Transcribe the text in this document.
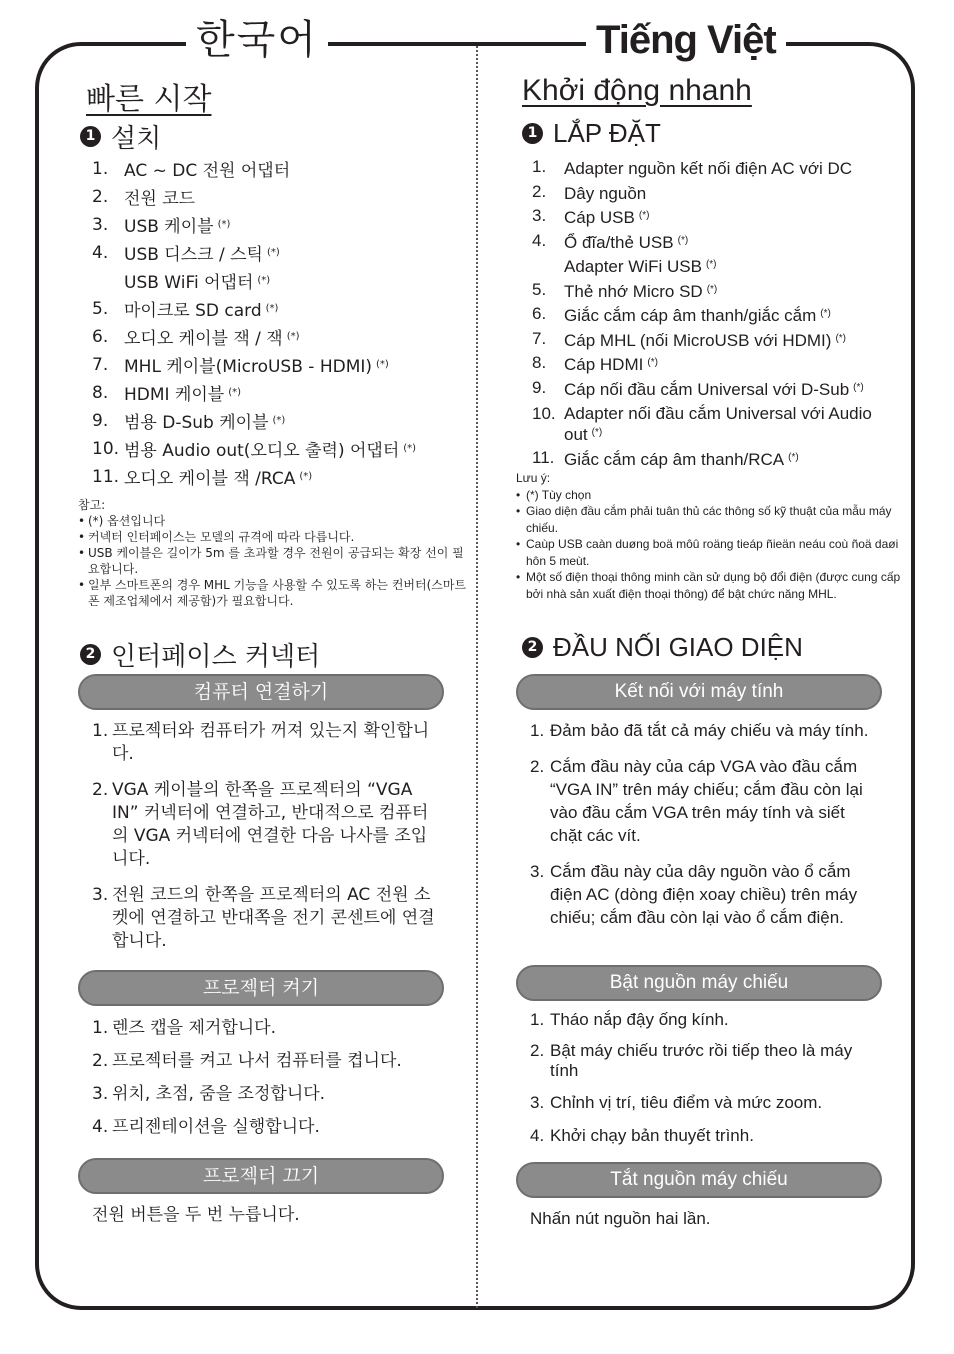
한국어	Tiếng Việt
빠른 시작
1 설치
1. AC ~ DC 전원 어댑터
2. 전원 코드
3. USB 케이블 (*)
4. USB 디스크 / 스틱 (*)
USB WiFi 어댑터 (*)
5. 마이크로 SD card (*)
6. 오디오 케이블 잭 / 잭 (*)
7. MHL 케이블(MicroUSB - HDMI) (*)
8. HDMI 케이블 (*)
9. 범용 D-Sub 케이블 (*)
10. 범용 Audio out(오디오 출력) 어댑터 (*)
11. 오디오 케이블 잭 /RCA (*)
참고:
• (*) 옵션입니다
• 커넥터 인터페이스는 모델의 규격에 따라 다릅니다.
• USB 케이블은 길이가 5m 를 초과할 경우 전원이 공급되는 확장 선이 필요합니다.
• 일부 스마트폰의 경우 MHL 기능을 사용할 수 있도록 하는 컨버터(스마트폰 제조업체에서 제공함)가 필요합니다.
2 인터페이스 커넥터
컴퓨터 연결하기
1. 프로젝터와 컴퓨터가 꺼져 있는지 확인합니다.
2. VGA 케이블의 한쪽을 프로젝터의 “VGA IN” 커넥터에 연결하고, 반대적으로 컴퓨터의 VGA 커넥터에 연결한 다음 나사를 조입니다.
3. 전원 코드의 한쪽을 프로젝터의 AC 전원 소켓에 연결하고 반대쪽을 전기 콘센트에 연결합니다.
프로젝터 켜기
1. 렌즈 캡을 제거합니다.
2. 프로젝터를 켜고 나서 컴퓨터를 켭니다.
3. 위치, 초점, 줌을 조정합니다.
4. 프리젠테이션을 실행합니다.
프로젝터 끄기
전원 버튼을 두 번 누릅니다.
Khởi động nhanh
1 LẮP ĐẶT
1. Adapter nguồn kết nối điện AC với DC
2. Dây nguồn
3. Cáp USB (*)
4. Ổ đĩa/thẻ USB (*)
Adapter WiFi USB (*)
5. Thẻ nhớ Micro SD (*)
6. Giắc cắm cáp âm thanh/giắc cắm (*)
7. Cáp MHL (nối MicroUSB với HDMI) (*)
8. Cáp HDMI (*)
9. Cáp nối đầu cắm Universal với D-Sub (*)
10. Adapter nối đầu cắm Universal với Audio out (*)
11. Giắc cắm cáp âm thanh/RCA (*)
Lưu ý:
• (*) Tùy chọn
• Giao diện đầu cắm phải tuân thủ các thông số kỹ thuật của mẫu máy chiếu.
• Caùp USB caàn duøng boä môû roäng tieáp ñieän neáu coù ñoä daøi hôn 5 meùt.
• Một số điện thoại thông minh cần sử dụng bộ đổi điện (được cung cấp bởi nhà sản xuất điện thoại thông) để bật chức năng MHL.
2 ĐẦU NỐI GIAO DIỆN
Kết nối với máy tính
1. Đảm bảo đã tắt cả máy chiếu và máy tính.
2. Cắm đầu này của cáp VGA vào đầu cắm “VGA IN” trên máy chiếu; cắm đầu còn lại vào đầu cắm VGA trên máy tính và siết chặt các vít.
3. Cắm đầu này của dây nguồn vào ổ cắm điện AC (dòng điện xoay chiều) trên máy chiếu; cắm đầu còn lại vào ổ cắm điện.
Bật nguồn máy chiếu
1. Tháo nắp đậy ống kính.
2. Bật máy chiếu trước rồi tiếp theo là máy tính
3. Chỉnh vị trí, tiêu điểm và mức zoom.
4. Khởi chạy bản thuyết trình.
Tắt nguồn máy chiếu
Nhấn nút nguồn hai lần.
